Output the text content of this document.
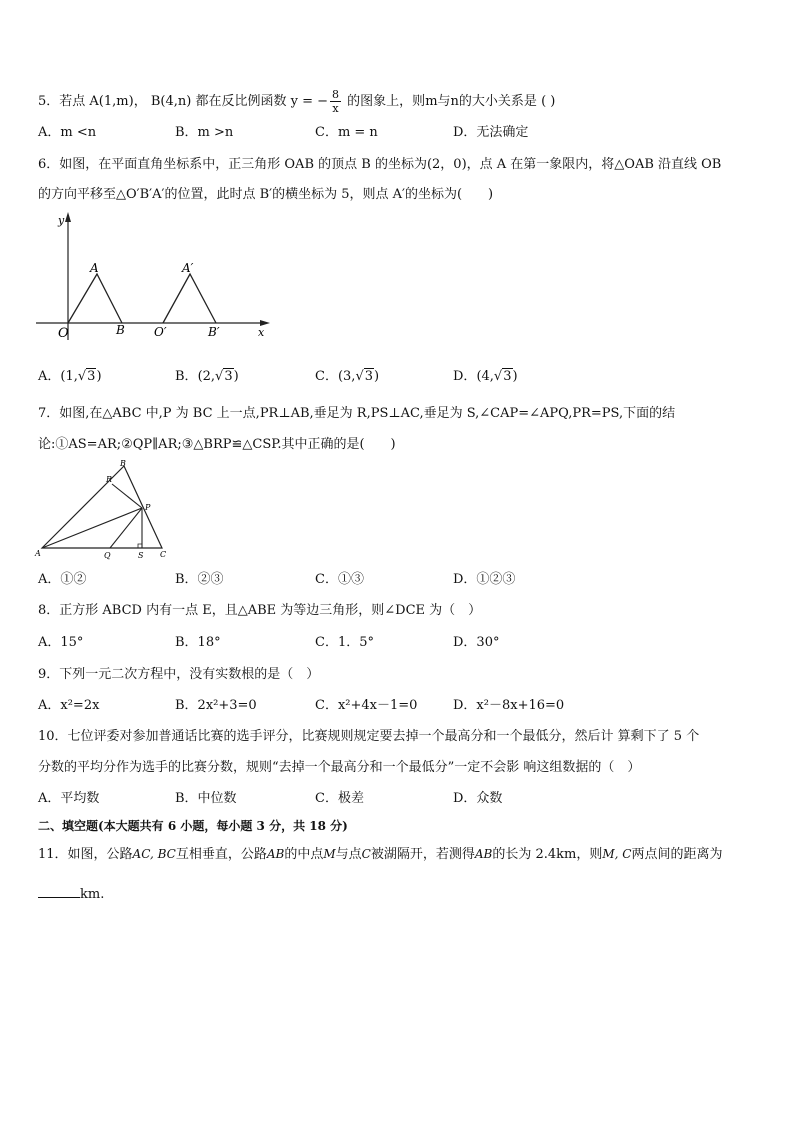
5．若点 A(1,m)， B(4,n) 都在反比例函数 y = − $\frac{8}{x}$ 的图象上，则m与n的大小关系是 ( )
A．m <n	B．m >n	C．m = n	D．无法确定
6．如图，在平面直角坐标系中，正三角形 OAB 的顶点 B 的坐标为(2，0)，点 A 在第一象限内，将△OAB 沿直线 OB
的方向平移至△O′B′A′的位置，此时点 B′的横坐标为 5，则点 A′的坐标为(　　)
y
x
O
A
B O′
A′
B′
A．(1,√3)	B．(2,√3)	C．(3,√3)	D．(4,√3)
7．如图,在△ABC 中,P 为 BC 上一点,PR⊥AB,垂足为 R,PS⊥AC,垂足为 S,∠CAP=∠APQ,PR=PS,下面的结
论:①AS=AR;②QP∥AR;③△BRP≌△CSP.其中正确的是(　　)
A
B
C
P
Q
R
S
A．①②	B．②③	C．①③	D．①②③
8．正方形 ABCD 内有一点 E，且△ABE 为等边三角形，则∠DCE 为（　）
A．15°	B．18°	C．1．5°	D．30°
9．下列一元二次方程中，没有实数根的是（　）
A．x²=2x	B．2x²+3=0	C．x²+4x－1=0	D．x²－8x+16=0
10．七位评委对参加普通话比赛的选手评分，比赛规则规定要去掉一个最高分和一个最低分，然后计 算剩下了 5 个
分数的平均分作为选手的比赛分数，规则“去掉一个最高分和一个最低分”一定不会影 响这组数据的（　）
A．平均数	B．中位数	C．极差	D．众数
二、填空题(本大题共有 6 小题，每小题 3 分，共 18 分)
11．如图，公路AC, BC互相垂直，公路AB的中点M与点C被湖隔开，若测得AB的长为 2.4km，则M, C两点间的距离为
km.
